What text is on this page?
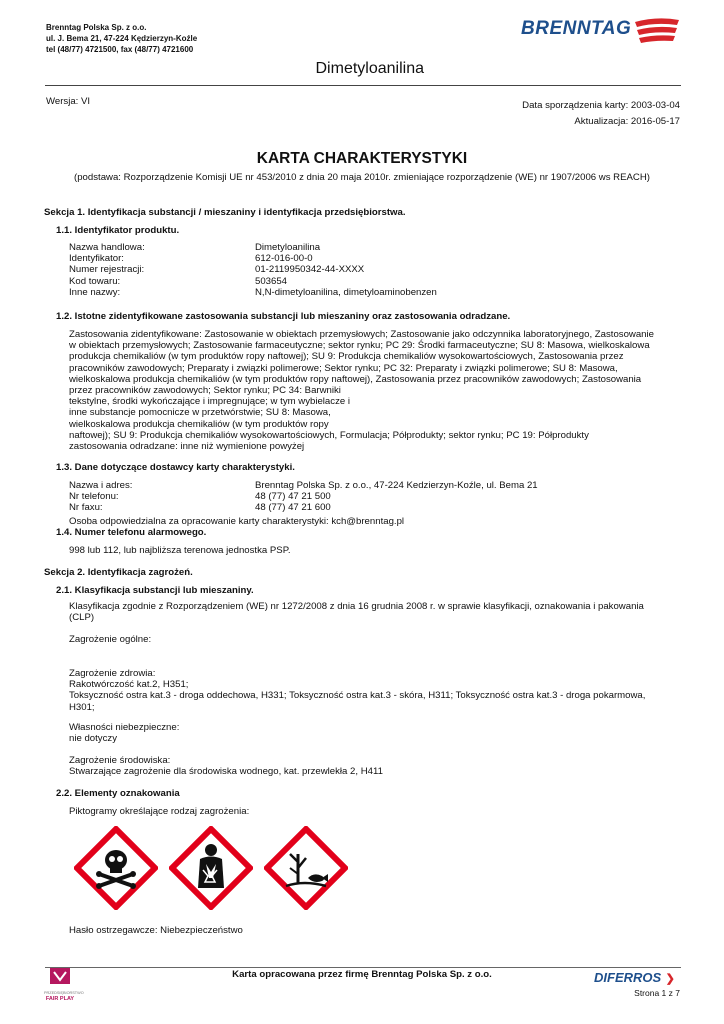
Brenntag Polska Sp. z o.o.
ul. J. Bema 21, 47-224 Kędzierzyn-Koźle
tel (48/77) 4721500, fax (48/77) 4721600
BRENNTAG
Dimetyloanilina
Wersja: VI	Data sporządzenia karty: 2003-03-04
Aktualizacja: 2016-05-17
KARTA CHARAKTERYSTYKI
(podstawa: Rozporządzenie Komisji UE nr 453/2010 z dnia 20 maja 2010r. zmieniające rozporządzenie (WE) nr 1907/2006 ws REACH)
Sekcja 1. Identyfikacja substancji / mieszaniny i identyfikacja przedsiębiorstwa.
1.1. Identyfikator produktu.
Nazwa handlowa:	Dimetyloanilina
Identyfikator:	612-016-00-0
Numer rejestracji:	01-2119950342-44-XXXX
Kod towaru:	503654
Inne nazwy:	N,N-dimetyloanilina, dimetyloaminobenzen
1.2. Istotne zidentyfikowane zastosowania substancji lub mieszaniny oraz zastosowania odradzane.
Zastosowania zidentyfikowane: Zastosowanie w obiektach przemysłowych; Zastosowanie jako odczynnika laboratoryjnego, Zastosowanie
w obiektach przemysłowych; Zastosowanie farmaceutyczne; sektor rynku; PC 29: Środki farmaceutyczne; SU 8: Masowa, wielkoskalowa
produkcja chemikaliów (w tym produktów ropy naftowej); SU 9: Produkcja chemikaliów wysokowartościowych, Zastosowania przez
pracowników zawodowych; Preparaty i związki polimerowe; Sektor rynku; PC 32: Preparaty i związki polimerowe; SU 8: Masowa,
wielkoskalowa produkcja chemikaliów (w tym produktów ropy naftowej), Zastosowania przez pracowników zawodowych; Zastosowania
przez pracowników zawodowych; Sektor rynku; PC 34: Barwniki
tekstylne, środki wykończające i impregnujące; w tym wybielacze i
inne substancje pomocnicze w przetwórstwie; SU 8: Masowa,
wielkoskalowa produkcja chemikaliów (w tym produktów ropy
naftowej); SU 9: Produkcja chemikaliów wysokowartościowych, Formulacja; Półprodukty; sektor rynku; PC 19: Półprodukty
zastosowania odradzane: inne niż wymienione powyżej
1.3. Dane dotyczące dostawcy karty charakterystyki.
Nazwa i adres:	Brenntag Polska Sp. z o.o., 47-224 Kedzierzyn-Koźle, ul. Bema 21
Nr telefonu:	48 (77) 47 21 500
Nr faxu:	48 (77) 47 21 600
Osoba odpowiedzialna za opracowanie karty charakterystyki: kch@brenntag.pl
1.4. Numer telefonu alarmowego.
998 lub 112, lub najbliższa terenowa jednostka PSP.
Sekcja 2. Identyfikacja zagrożeń.
2.1. Klasyfikacja substancji lub mieszaniny.
Klasyfikacja zgodnie z Rozporządzeniem (WE) nr 1272/2008 z dnia 16 grudnia 2008 r. w sprawie klasyfikacji, oznakowania i pakowania
(CLP)
Zagrożenie ogólne:
Zagrożenie zdrowia:
Rakotwórczość kat.2, H351;
Toksyczność ostra kat.3 - droga oddechowa, H331; Toksyczność ostra kat.3 - skóra, H311; Toksyczność ostra kat.3 - droga pokarmowa,
H301;
Własności niebezpieczne:
nie dotyczy
Zagrożenie środowiska:
Stwarzające zagrożenie dla środowiska wodnego, kat. przewlekła 2, H411
2.2. Elementy oznakowania
Piktogramy określające rodzaj zagrożenia:
Hasło ostrzegawcze: Niebezpieczeństwo
PRZEDSIĘBIORSTWO
FAIR PLAY
Karta opracowana przez firmę Brenntag Polska Sp. z o.o.	DIFERROS ❯
Strona 1 z 7
